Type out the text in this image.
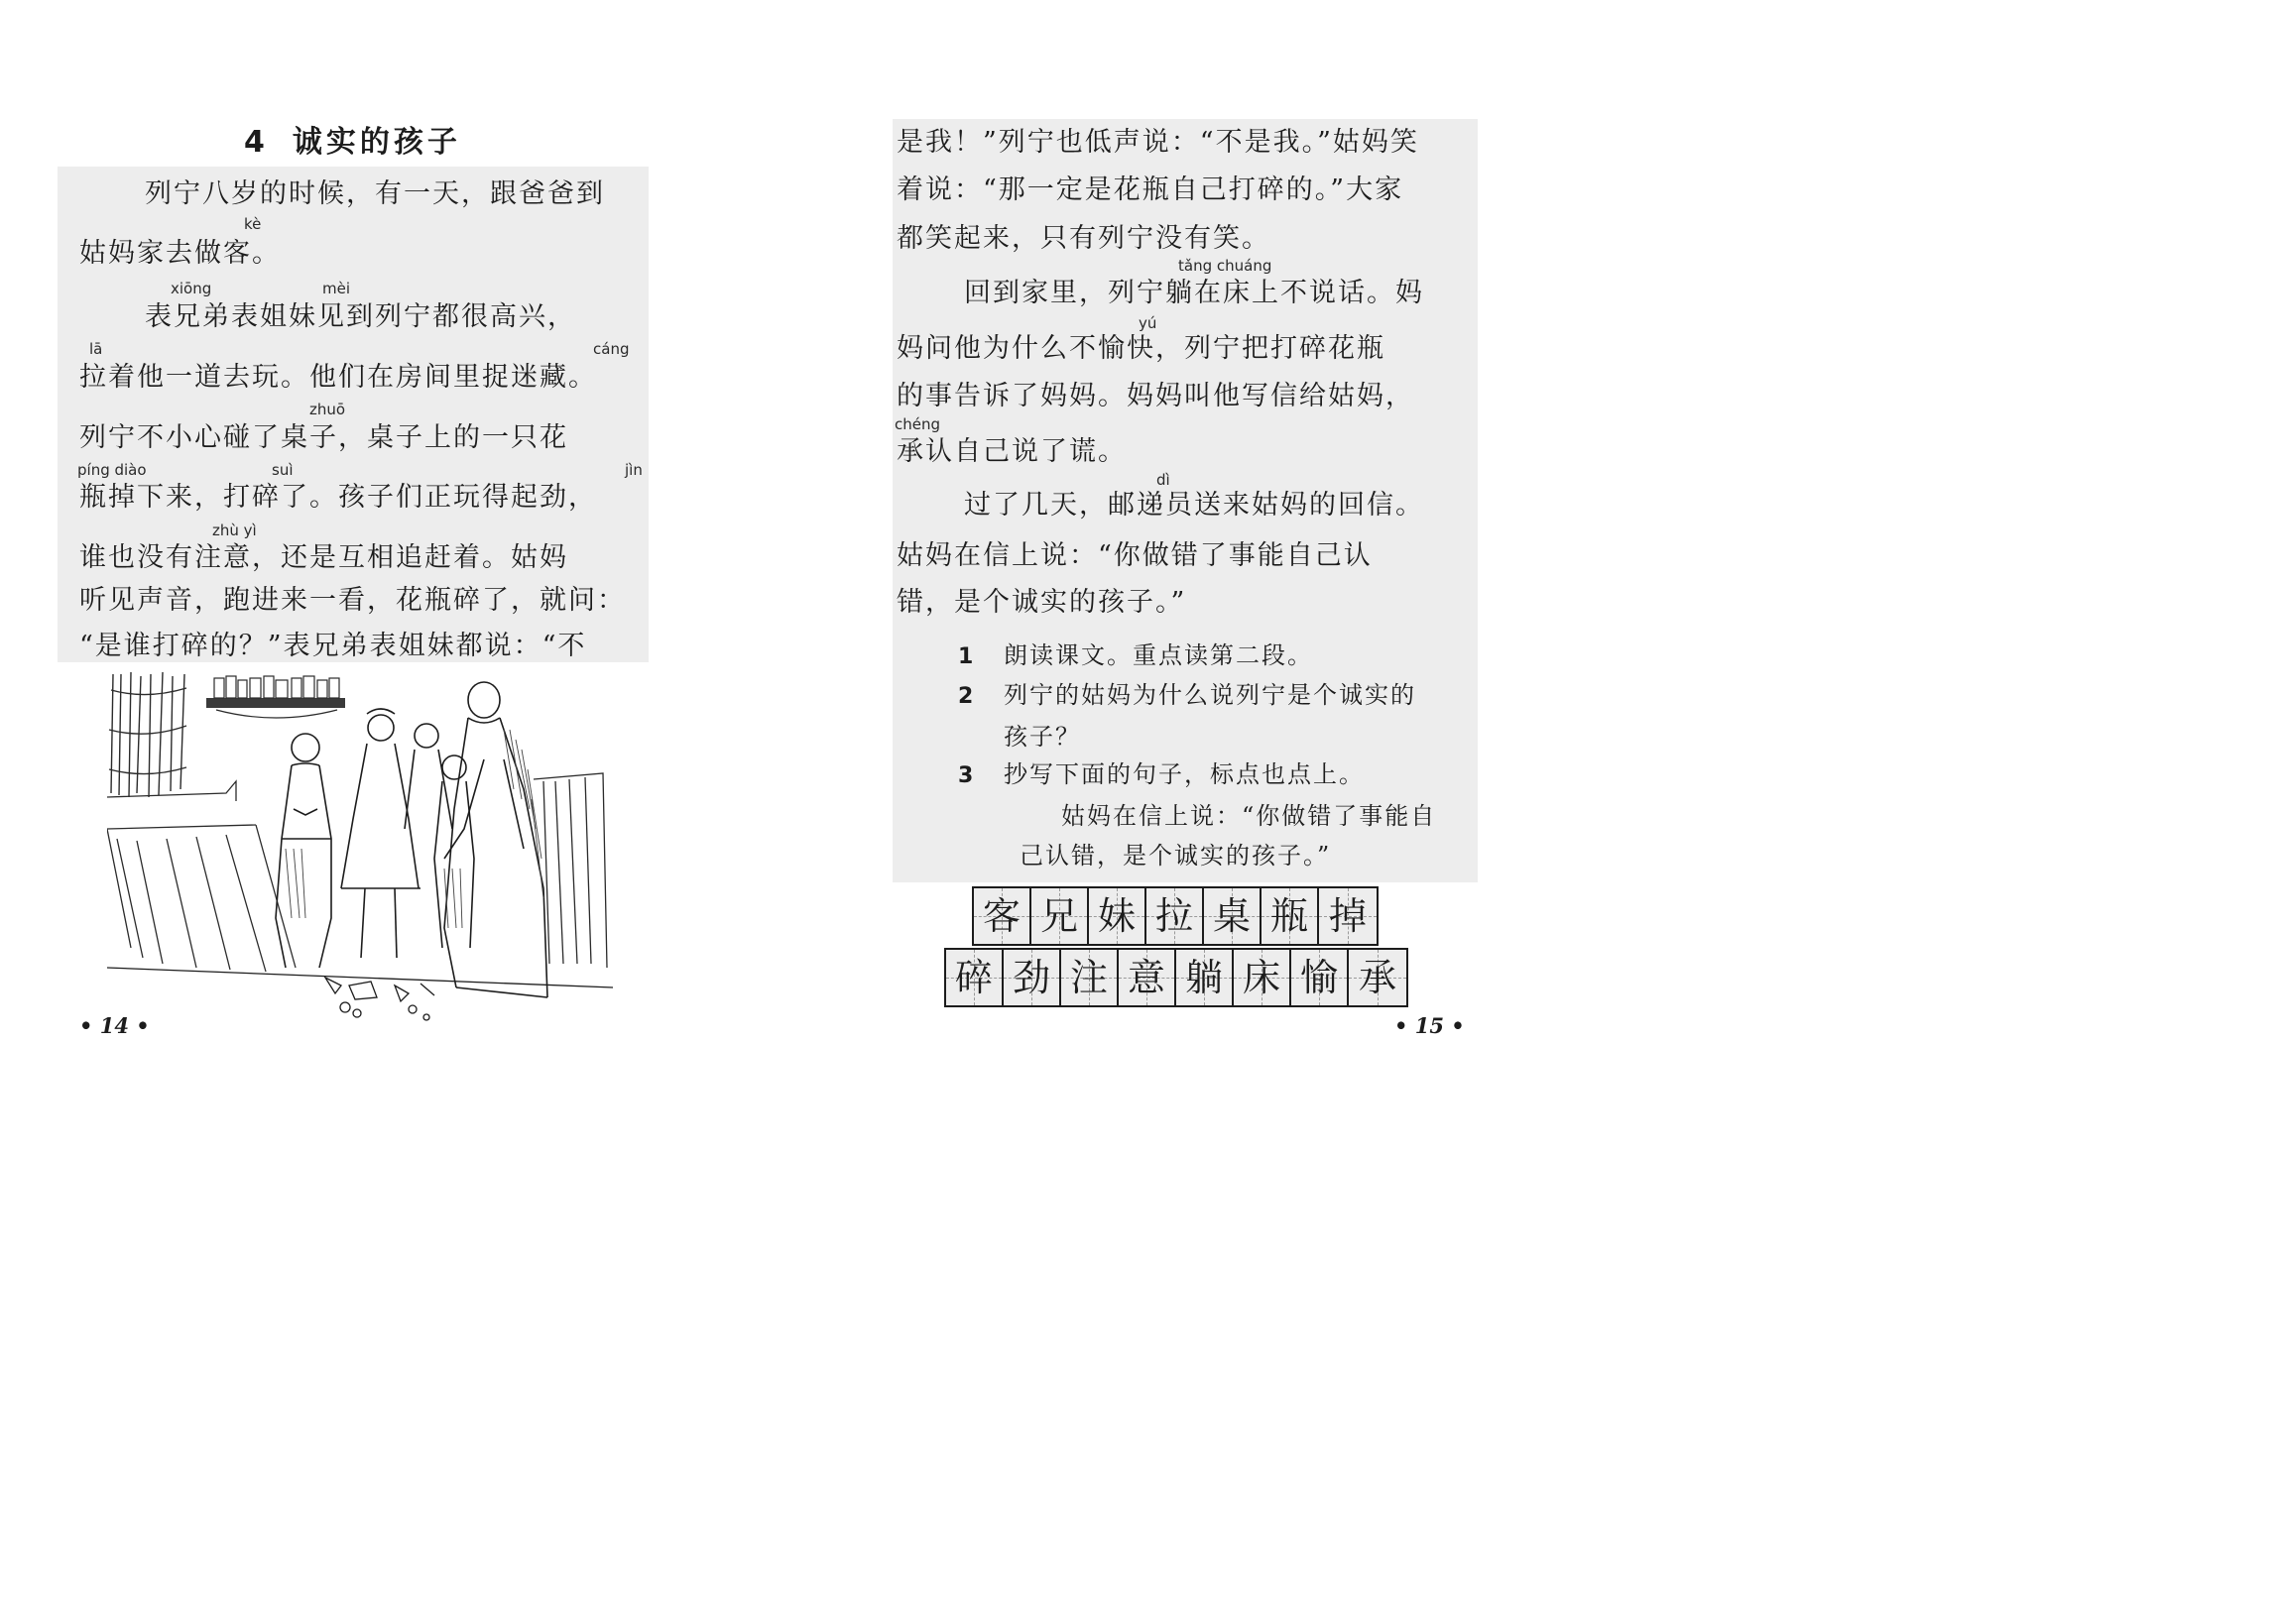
4 诚实的孩子
列宁八岁的时候，有一天，跟爸爸到
kè
姑妈家去做客。
xiōng	mèi
表兄弟表姐妹见到列宁都很高兴，
lā	cáng
拉着他一道去玩。他们在房间里捉迷藏。
zhuō
列宁不小心碰了桌子，桌子上的一只花
píng diào	suì	jìn
瓶掉下来，打碎了。孩子们正玩得起劲，
zhù yì
谁也没有注意，还是互相追赶着。姑妈
听见声音，跑进来一看，花瓶碎了，就问：
“是谁打碎的？”表兄弟表姐妹都说：“不
• 14 •
是我！”列宁也低声说：“不是我。”姑妈笑
着说：“那一定是花瓶自己打碎的。”大家
都笑起来，只有列宁没有笑。
tǎng chuáng
回到家里，列宁躺在床上不说话。妈
yú
妈问他为什么不愉快，列宁把打碎花瓶
的事告诉了妈妈。妈妈叫他写信给姑妈，
chéng
承认自己说了谎。
dì
过了几天，邮递员送来姑妈的回信。
姑妈在信上说：“你做错了事能自己认
错，是个诚实的孩子。”
1 朗读课文。重点读第二段。
2 列宁的姑妈为什么说列宁是个诚实的
孩子？
3 抄写下面的句子，标点也点上。
姑妈在信上说：“你做错了事能自
己认错，是个诚实的孩子。”
客 兄 妹 拉 桌 瓶 掉
碎 劲 注 意 躺 床 愉 承
• 15 •
